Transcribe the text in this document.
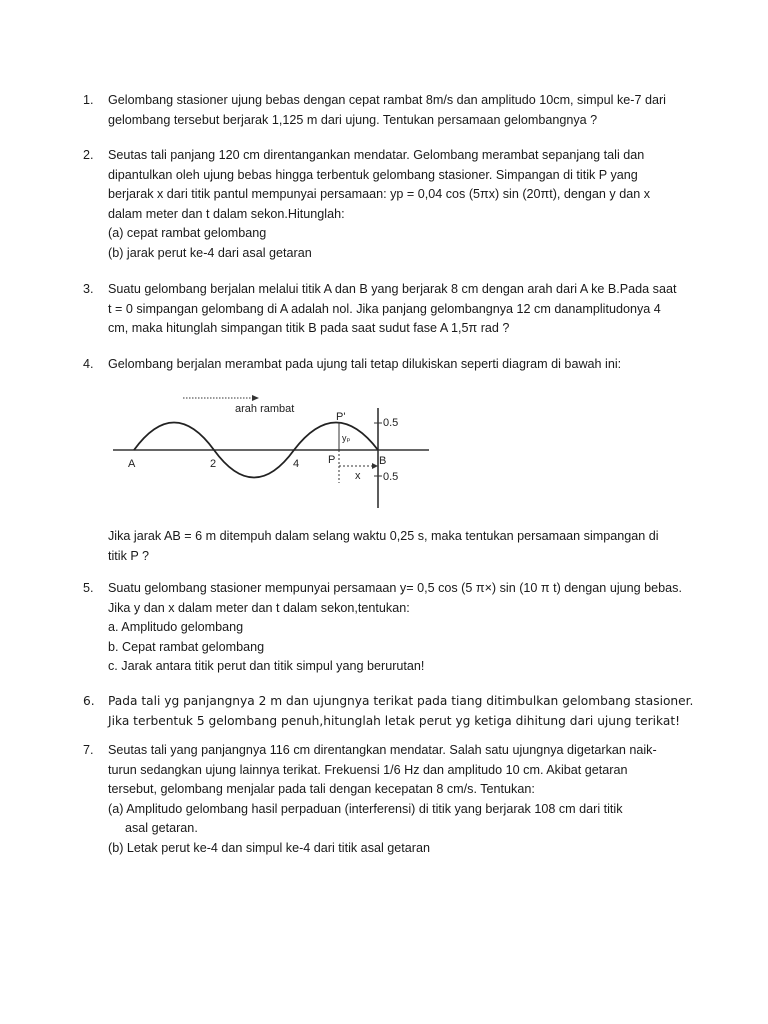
1.	Gelombang stasioner ujung bebas dengan cepat rambat 8m/s dan amplitudo 10cm, simpul ke-7 dari
gelombang tersebut berjarak 1,125 m dari ujung. Tentukan persamaan gelombangnya ?
2.	Seutas tali panjang 120 cm direntangankan mendatar. Gelombang merambat sepanjang tali dan
dipantulkan oleh ujung bebas hingga terbentuk gelombang stasioner. Simpangan di titik P yang
berjarak x dari titik pantul mempunyai persamaan: yp = 0,04 cos (5πx) sin (20πt), dengan y dan x
dalam meter dan t dalam sekon.Hitunglah:
(a) cepat rambat gelombang
(b) jarak perut ke-4 dari asal getaran
3.	Suatu gelombang berjalan melalui titik A dan B yang berjarak 8 cm dengan arah dari A ke B.Pada saat
t = 0 simpangan gelombang di A adalah nol. Jika panjang gelombangnya 12 cm danamplitudonya 4
cm, maka hitunglah simpangan titik B pada saat sudut fase A 1,5π rad ?
4.	Gelombang berjalan merambat pada ujung tali tetap dilukiskan seperti diagram di bawah ini:
arah rambat
P'
yₚ
0.5
0.5
A	2	4	P	B
x
Jika jarak AB = 6 m ditempuh dalam selang waktu 0,25 s, maka tentukan persamaan simpangan di
titik P ?
5.	Suatu gelombang stasioner mempunyai persamaan y= 0,5 cos (5 π×) sin (10 π t) dengan ujung bebas.
Jika y dan x dalam meter dan t dalam sekon,tentukan:
a. Amplitudo gelombang
b. Cepat rambat gelombang
c. Jarak antara titik perut dan titik simpul yang berurutan!
6.	Pada tali yg panjangnya 2 m dan ujungnya terikat pada tiang ditimbulkan gelombang stasioner.
Jika terbentuk 5 gelombang penuh,hitunglah letak perut yg ketiga dihitung dari ujung terikat!
7.	Seutas tali yang panjangnya 116 cm direntangkan mendatar. Salah satu ujungnya digetarkan naik-
turun sedangkan ujung lainnya terikat. Frekuensi 1/6 Hz dan amplitudo 10 cm. Akibat getaran
tersebut, gelombang menjalar pada tali dengan kecepatan 8 cm/s. Tentukan:
(a) Amplitudo gelombang hasil perpaduan (interferensi) di titik yang berjarak 108 cm dari titik
asal getaran.
(b) Letak perut ke-4 dan simpul ke-4 dari titik asal getaran
